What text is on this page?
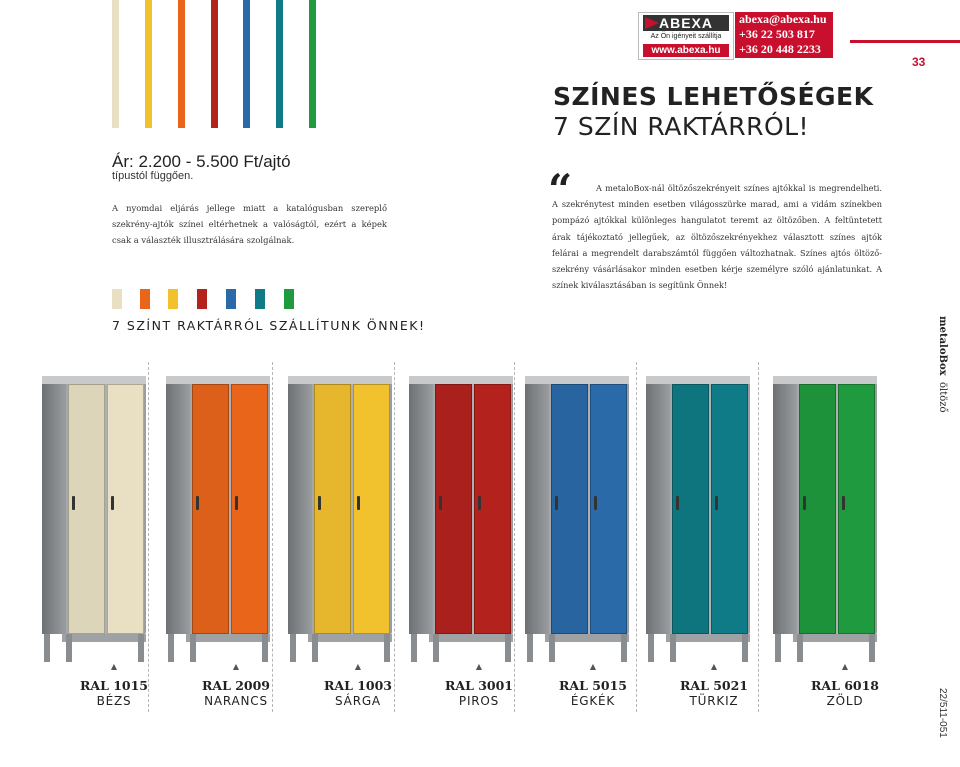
ABEXA
Az Ön igényeit szállítja
www.abexa.hu
abexa@abexa.hu
+36 22 503 817
+36 20 448 2233
33
SZÍNES LEHETŐSÉGEK
7 SZÍN RAKTÁRRÓL!
Ár: 2.200 - 5.500 Ft/ajtó
típustól függően.
A nyomdai eljárás jellege miatt a katalógusban szereplő szekrény-ajtók színei eltérhetnek a valóságtól, ezért a képek csak a választék illusztrálására szolgálnak.
“	A metaloBox-nál öltözőszekrényeit színes ajtókkal is megrendelheti. A szekrénytest minden esetben világosszürke marad, ami a vidám színekben pompázó ajtókkal különleges hangulatot teremt az öltözőben. A feltüntetett árak tájékoztató jellegűek, az öltözőszekrényekhez választott színes ajtók felárai a megrendelt darabszámtól függően változhatnak. Színes ajtós öltöző-szekrény vásárlásakor minden esetben kérje személyre szóló ajánlatunkat. A színek kiválasztásában is segítünk Önnek!
7 SZÍNT RAKTÁRRÓL SZÁLLÍTUNK ÖNNEK!	metaloBox  öltöző
22/511-051
▲
RAL 1015
BÉZS
▲
RAL 2009
NARANCS
▲
RAL 1003
SÁRGA
▲
RAL 3001
PIROS
▲
RAL 5015
ÉGKÉK
▲
RAL 5021
TÜRKIZ
▲
RAL 6018
ZÖLD
